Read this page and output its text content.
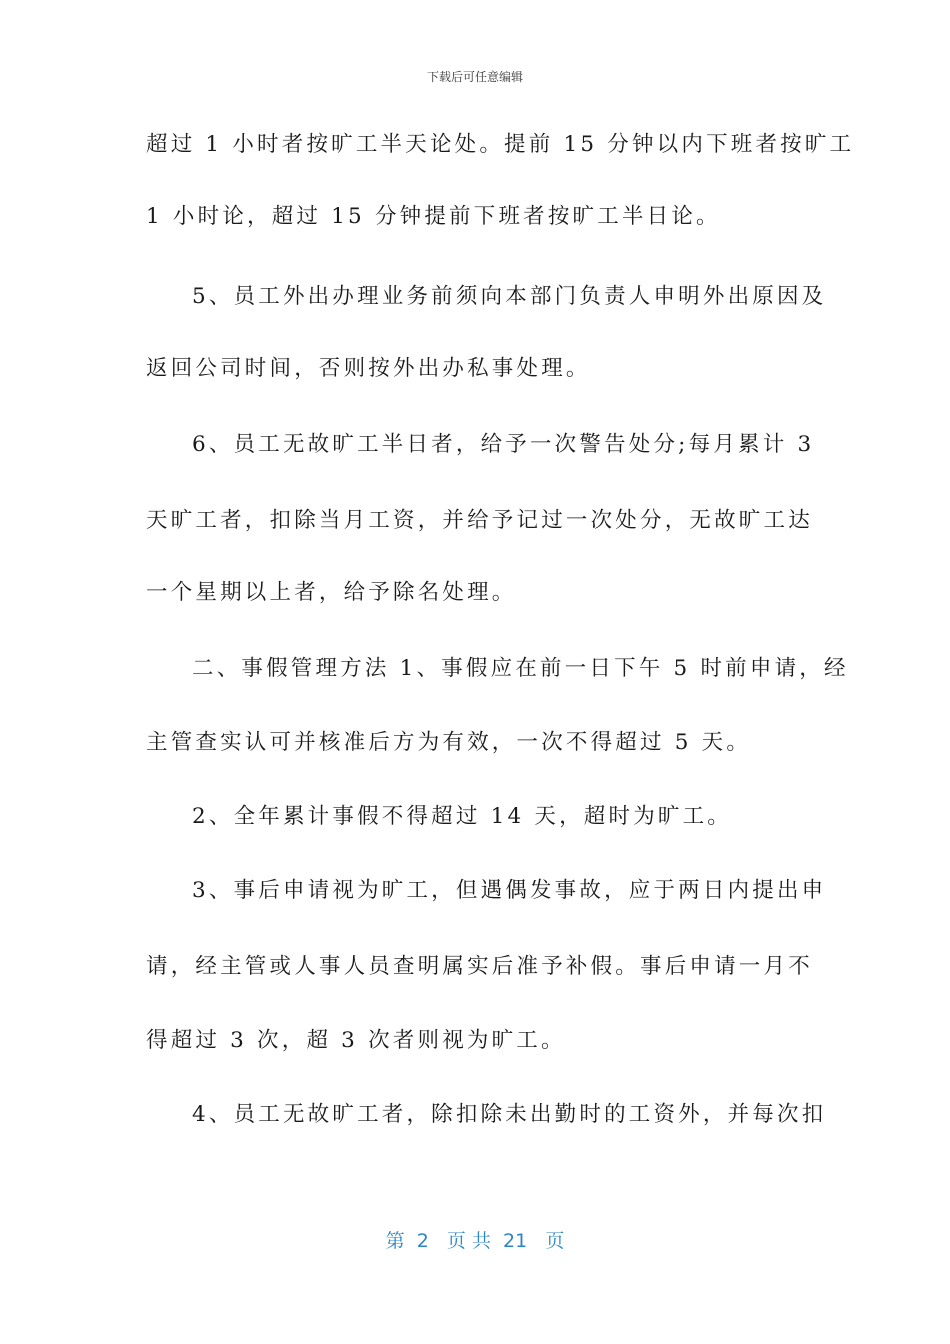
下载后可任意编辑
超过 1 小时者按旷工半天论处。提前 15 分钟以内下班者按旷工
1 小时论，超过 15 分钟提前下班者按旷工半日论。
5、员工外出办理业务前须向本部门负责人申明外出原因及
返回公司时间，否则按外出办私事处理。
6、员工无故旷工半日者，给予一次警告处分;每月累计 3
天旷工者，扣除当月工资，并给予记过一次处分，无故旷工达
一个星期以上者，给予除名处理。
二、事假管理方法 1、事假应在前一日下午 5 时前申请，经
主管查实认可并核准后方为有效，一次不得超过 5 天。
2、全年累计事假不得超过 14 天，超时为旷工。
3、事后申请视为旷工，但遇偶发事故，应于两日内提出申
请，经主管或人事人员查明属实后准予补假。事后申请一月不
得超过 3 次，超 3 次者则视为旷工。
4、员工无故旷工者，除扣除未出勤时的工资外，并每次扣
第  2   页 共  21   页
